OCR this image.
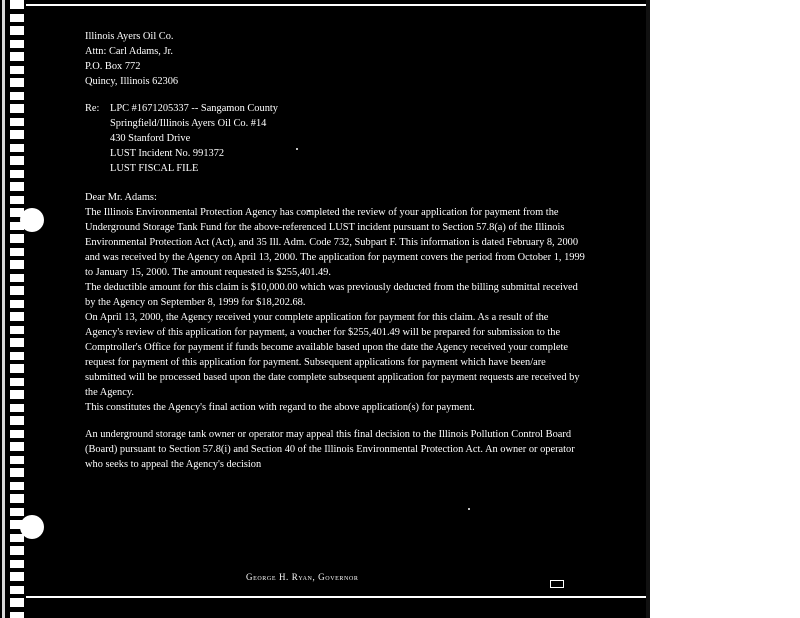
Illinois Ayers Oil Co.

Attn: Carl Adams, Jr.

P.O. Box 772

Quincy, Illinois 62306

Re:	LPC #1671205337 -- Sangamon County

Springfield/Illinois Ayers Oil Co. #14

430 Stanford Drive

LUST Incident No. 991372

LUST FISCAL FILE

Dear Mr. Adams:

The Illinois Environmental Protection Agency has completed the review of your application for payment from the Underground Storage Tank Fund for the above-referenced LUST incident pursuant to Section 57.8(a) of the Illinois Environmental Protection Act (Act), and 35 Ill. Adm. Code 732, Subpart F. This information is dated February 8, 2000 and was received by the Agency on April 13, 2000. The application for payment covers the period from October 1, 1999 to January 15, 2000. The amount requested is $255,401.49.

The deductible amount for this claim is $10,000.00 which was previously deducted from the billing submittal received by the Agency on September 8, 1999 for $18,202.68.

On April 13, 2000, the Agency received your complete application for payment for this claim. As a result of the Agency's review of this application for payment, a voucher for $255,401.49 will be prepared for submission to the Comptroller's Office for payment if funds become available based upon the date the Agency received your complete request for payment of this application for payment. Subsequent applications for payment which have been/are submitted will be processed based upon the date complete subsequent application for payment requests are received by the Agency.

This constitutes the Agency's final action with regard to the above application(s) for payment.

An underground storage tank owner or operator may appeal this final decision to the Illinois Pollution Control Board (Board) pursuant to Section 57.8(i) and Section 40 of the Illinois Environmental Protection Act. An owner or operator who seeks to appeal the Agency's decision

George H. Ryan, Governor
